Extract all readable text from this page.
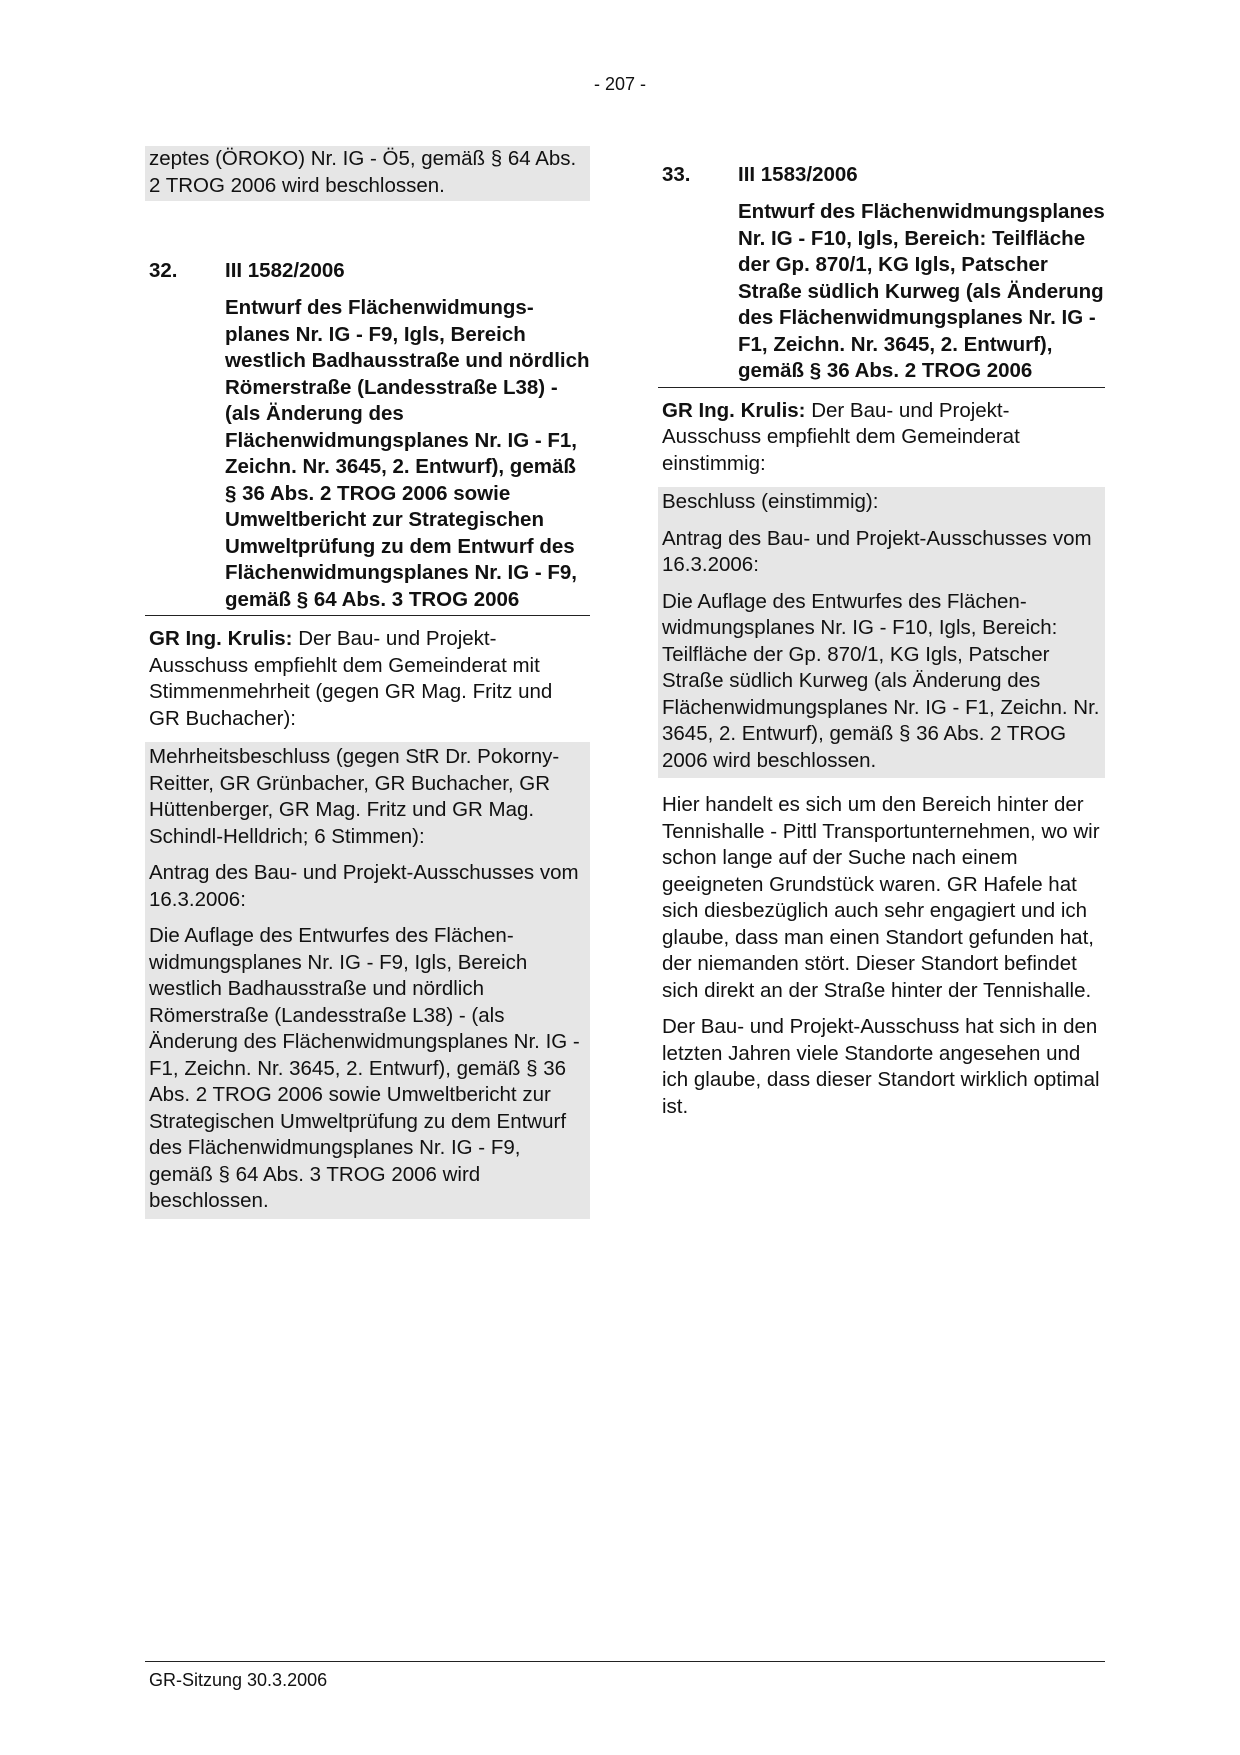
- 207 -

zeptes (ÖROKO) Nr. IG - Ö5, gemäß § 64 Abs. 2 TROG 2006 wird beschlossen.

32.	III 1582/2006
Entwurf des Flächenwidmungsplanes Nr. IG - F9, Igls, Bereich westlich Badhausstraße und nördlich Römerstraße (Landesstraße L38) - (als Änderung des Flächenwidmungsplanes Nr. IG - F1, Zeichn. Nr. 3645, 2. Entwurf), gemäß § 36 Abs. 2 TROG 2006 sowie Umweltbericht zur Strategischen Umweltprüfung zu dem Entwurf des Flächenwidmungsplanes Nr. IG - F9, gemäß § 64 Abs. 3 TROG 2006

GR Ing. Krulis: Der Bau- und Projekt-Ausschuss empfiehlt dem Gemeinderat mit Stimmenmehrheit (gegen GR Mag. Fritz und GR Buchacher):

Mehrheitsbeschluss (gegen StR Dr. Pokorny-Reitter, GR Grünbacher, GR Buchacher, GR Hüttenberger, GR Mag. Fritz und GR Mag. Schindl-Helldrich; 6 Stimmen):

Antrag des Bau- und Projekt-Ausschusses vom 16.3.2006:

Die Auflage des Entwurfes des Flächenwidmungsplanes Nr. IG - F9, Igls, Bereich westlich Badhausstraße und nördlich Römerstraße (Landesstraße L38) - (als Änderung des Flächenwidmungsplanes Nr. IG - F1, Zeichn. Nr. 3645, 2. Entwurf), gemäß § 36 Abs. 2 TROG 2006 sowie Umweltbericht zur Strategischen Umweltprüfung zu dem Entwurf des Flächenwidmungsplanes Nr. IG - F9, gemäß § 64 Abs. 3 TROG 2006 wird beschlossen.

33.	III 1583/2006
Entwurf des Flächenwidmungsplanes Nr. IG - F10, Igls, Bereich: Teilfläche der Gp. 870/1, KG Igls, Patscher Straße südlich Kurweg (als Änderung des Flächenwidmungsplanes Nr. IG - F1, Zeichn. Nr. 3645, 2. Entwurf), gemäß § 36 Abs. 2 TROG 2006

GR Ing. Krulis: Der Bau- und Projekt-Ausschuss empfiehlt dem Gemeinderat einstimmig:

Beschluss (einstimmig):

Antrag des Bau- und Projekt-Ausschusses vom 16.3.2006:

Die Auflage des Entwurfes des Flächenwidmungsplanes Nr. IG - F10, Igls, Bereich: Teilfläche der Gp. 870/1, KG Igls, Patscher Straße südlich Kurweg (als Änderung des Flächenwidmungsplanes Nr. IG - F1, Zeichn. Nr. 3645, 2. Entwurf), gemäß § 36 Abs. 2 TROG 2006 wird beschlossen.

Hier handelt es sich um den Bereich hinter der Tennishalle - Pittl Transportunternehmen, wo wir schon lange auf der Suche nach einem geeigneten Grundstück waren. GR Hafele hat sich diesbezüglich auch sehr engagiert und ich glaube, dass man einen Standort gefunden hat, der niemanden stört. Dieser Standort befindet sich direkt an der Straße hinter der Tennishalle.

Der Bau- und Projekt-Ausschuss hat sich in den letzten Jahren viele Standorte angesehen und ich glaube, dass dieser Standort wirklich optimal ist.

GR-Sitzung 30.3.2006
